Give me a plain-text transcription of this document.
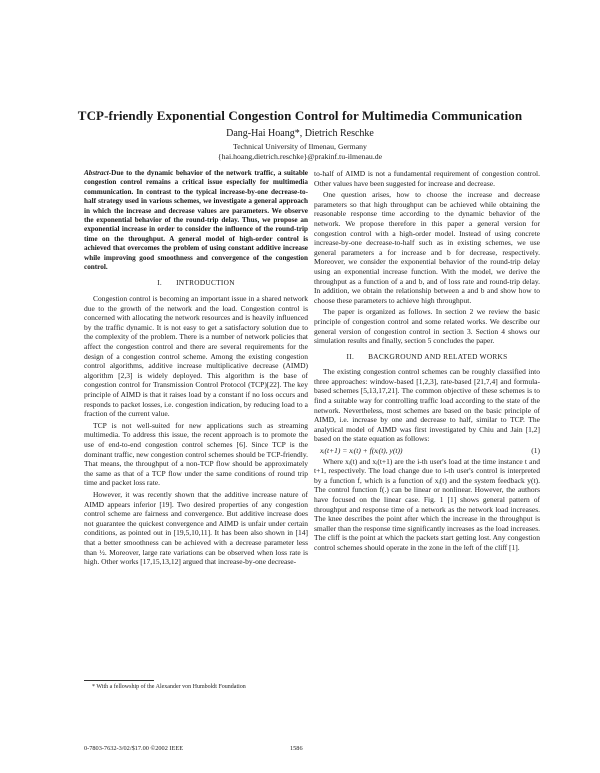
TCP-friendly Exponential Congestion Control for Multimedia Communication
Dang-Hai Hoang*, Dietrich Reschke
Technical University of Ilmenau, Germany
{hai.hoang,dietrich.reschke}@prakinf.tu-ilmenau.de
Abstract-Due to the dynamic behavior of the network traffic, a suitable congestion control remains a critical issue especially for multimedia communication. In contrast to the typical increase-by-one decrease-to-half strategy used in various schemes, we investigate a general approach in which the increase and decrease values are parameters. We observe the exponential behavior of the round-trip delay. Thus, we propose an exponential increase in order to consider the influence of the round-trip time on the throughput. A general model of high-order control is achieved that overcomes the problem of using constant additive increase while improving good smoothness and convergence of the congestion control.
I. INTRODUCTION

Congestion control is becoming an important issue in a shared network due to the growth of the network and the load. Congestion control is concerned with allocating the network resources and is heavily influenced by the traffic dynamic. It is not easy to get a satisfactory solution due to the complexity of the problem. There is a number of network policies that affect the congestion control and there are several requirements for the design of a congestion control scheme. Among the existing congestion control algorithms, additive increase multiplicative decrease (AIMD) algorithm [2,3] is widely deployed. This algorithm is the base of congestion control for Transmission Control Protocol (TCP)[22]. The key principle of AIMD is that it raises load by a constant if no loss occurs and responds to packet losses, i.e. congestion indication, by reducing load to a fraction of the current value.

TCP is not well-suited for new applications such as streaming multimedia. To address this issue, the recent approach is to promote the use of end-to-end congestion control schemes [6]. Since TCP is the dominant traffic, new congestion control schemes should be TCP-friendly. That means, the throughput of a non-TCP flow should be approximately the same as that of a TCP flow under the same conditions of round trip time and packet loss rate.

However, it was recently shown that the additive increase nature of AIMD appears inferior [19]. Two desired properties of any congestion control scheme are fairness and convergence. But additive increase does not guarantee the quickest convergence and AIMD is unfair under certain conditions, as pointed out in [19,5,10,11]. It has been also shown in [14] that a better smoothness can be achieved with a decrease parameter less than ½. Moreover, large rate variations can be observed when loss rate is high. Other works [17,15,13,12] argued that increase-by-one decrease-

to-half of AIMD is not a fundamental requirement of congestion control. Other values have been suggested for increase and decrease.

One question arises, how to choose the increase and decrease parameters so that high throughput can be achieved while obtaining the reasonable response time according to the dynamic behavior of the network. We propose therefore in this paper a general version for congestion control with a high-order model. Instead of using concrete increase-by-one decrease-to-half such as in existing schemes, we use general parameters a for increase and b for decrease, respectively. Moreover, we consider the exponential behavior of the round-trip delay using an exponential increase function. With the model, we derive the throughput as a function of a and b, and of loss rate and round-trip delay. In addition, we obtain the relationship between a and b and show how to choose these parameters to achieve high throughput.

The paper is organized as follows. In section 2 we review the basic principle of congestion control and some related works. We describe our general version of congestion control in section 3. Section 4 shows our simulation results and finally, section 5 concludes the paper.

II. BACKGROUND AND RELATED WORKS

The existing congestion control schemes can be roughly classified into three approaches: window-based [1,2,3], rate-based [21,7,4] and formula-based schemes [5,13,17,21]. The common objective of these schemes is to find a suitable way for controlling traffic load according to the state of the network. Nevertheless, most schemes are based on the basic principle of AIMD, i.e. increase by one and decrease to half, similar to TCP. The analytical model of AIMD was first investigated by Chiu and Jain [1,2] based on the state equation as follows:

xᵢ(t+1) = xᵢ(t) + f(xᵢ(t), y(t))	(1)

Where xᵢ(t) and xᵢ(t+1) are the i-th user's load at the time instance t and t+1, respectively. The load change due to i-th user's control is interpreted by a function f, which is a function of xᵢ(t) and the system feedback y(t). The control function f(.) can be linear or nonlinear. However, the authors have focused on the linear case. Fig. 1 [1] shows general pattern of throughput and response time of a network as the network load increases. The knee describes the point after which the increase in the throughput is smaller than the response time significantly increases as the load increases. The cliff is the point at which the packets start getting lost. Any congestion control schemes should operate in the zone in the left of the cliff [1].

* With a fellowship of the Alexander von Humboldt Foundation
0-7803-7632-3/02/$17.00 ©2002 IEEE	1586
